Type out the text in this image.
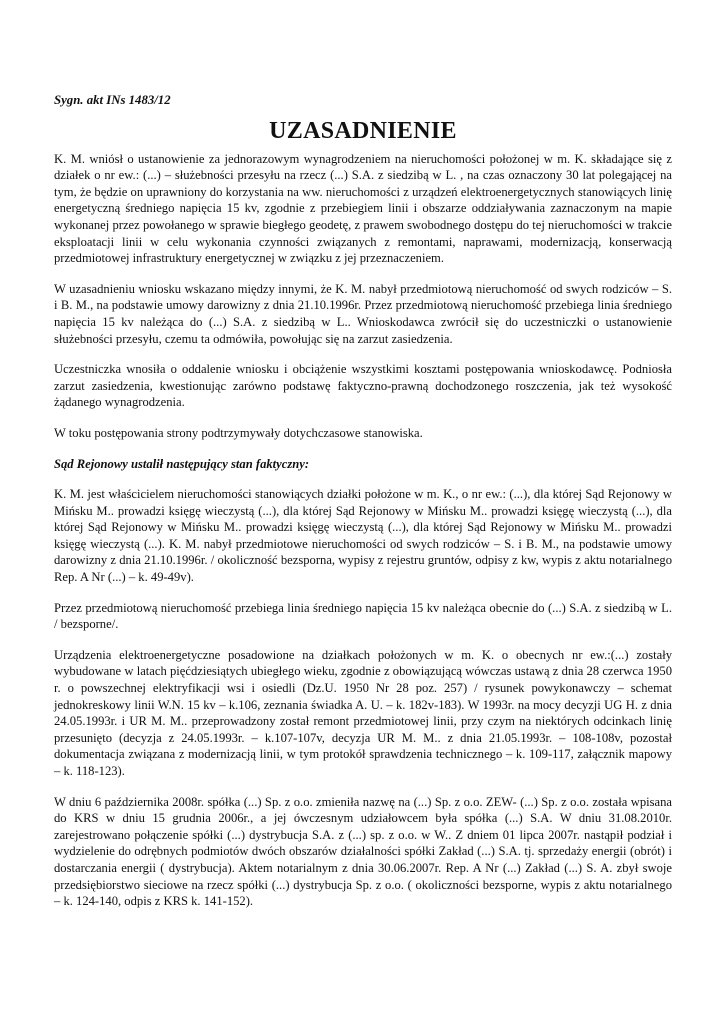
Sygn. akt INs 1483/12

UZASADNIENIE

K. M. wniósł o ustanowienie za jednorazowym wynagrodzeniem na nieruchomości położonej w m. K. składające się z działek o nr ew.: (...) – służebności przesyłu na rzecz (...) S.A. z siedzibą w L. , na czas oznaczony 30 lat polegającej na tym, że będzie on uprawniony do korzystania na ww. nieruchomości z urządzeń elektroenergetycznych stanowiących linię energetyczną średniego napięcia 15 kv, zgodnie z przebiegiem linii i obszarze oddziaływania zaznaczonym na mapie wykonanej przez powołanego w sprawie biegłego geodetę, z prawem swobodnego dostępu do tej nieruchomości w trakcie eksploatacji linii w celu wykonania czynności związanych z remontami, naprawami, modernizacją, konserwacją przedmiotowej infrastruktury energetycznej w związku z jej przeznaczeniem.

W uzasadnieniu wniosku wskazano między innymi, że K. M. nabył przedmiotową nieruchomość od swych rodziców – S. i B. M., na podstawie umowy darowizny z dnia 21.10.1996r. Przez przedmiotową nieruchomość przebiega linia średniego napięcia 15 kv należąca do (...) S.A. z siedzibą w L.. Wnioskodawca zwrócił się do uczestniczki o ustanowienie służebności przesyłu, czemu ta odmówiła, powołując się na zarzut zasiedzenia.

Uczestniczka wnosiła o oddalenie wniosku i obciążenie wszystkimi kosztami postępowania wnioskodawcę. Podniosła zarzut zasiedzenia, kwestionując zarówno podstawę faktyczno-prawną dochodzonego roszczenia, jak też wysokość żądanego wynagrodzenia.

W toku postępowania strony podtrzymywały dotychczasowe stanowiska.

Sąd Rejonowy ustalił następujący stan faktyczny:

K. M. jest właścicielem nieruchomości stanowiących działki położone w m. K., o nr ew.: (...), dla której Sąd Rejonowy w Mińsku M.. prowadzi księgę wieczystą (...), dla której Sąd Rejonowy w Mińsku M.. prowadzi księgę wieczystą (...), dla której Sąd Rejonowy w Mińsku M.. prowadzi księgę wieczystą (...), dla której Sąd Rejonowy w Mińsku M.. prowadzi księgę wieczystą (...). K. M. nabył przedmiotowe nieruchomości od swych rodziców – S. i B. M., na podstawie umowy darowizny z dnia 21.10.1996r. / okoliczność bezsporna, wypisy z rejestru gruntów, odpisy z kw, wypis z aktu notarialnego Rep. A Nr (...) – k. 49-49v).

Przez przedmiotową nieruchomość przebiega linia średniego napięcia 15 kv należąca obecnie do (...) S.A. z siedzibą w L. / bezsporne/.

Urządzenia elektroenergetyczne posadowione na działkach położonych w m. K. o obecnych nr ew.:(...) zostały wybudowane w latach pięćdziesiątych ubiegłego wieku, zgodnie z obowiązującą wówczas ustawą z dnia 28 czerwca 1950 r. o powszechnej elektryfikacji wsi i osiedli (Dz.U. 1950 Nr 28 poz. 257) / rysunek powykonawczy – schemat jednokreskowy linii W.N. 15 kv – k.106, zeznania świadka A. U. – k. 182v-183). W 1993r. na mocy decyzji UG H. z dnia 24.05.1993r. i UR M. M.. przeprowadzony został remont przedmiotowej linii, przy czym na niektórych odcinkach linię przesunięto (decyzja z 24.05.1993r. – k.107-107v, decyzja UR M. M.. z dnia 21.05.1993r. – 108-108v, pozostał dokumentacja związana z modernizacją linii, w tym protokół sprawdzenia technicznego – k. 109-117, załącznik mapowy – k. 118-123).

W dniu 6 października 2008r. spółka (...) Sp. z o.o. zmieniła nazwę na (...) Sp. z o.o. ZEW- (...) Sp. z o.o. została wpisana do KRS w dniu 15 grudnia 2006r., a jej ówczesnym udziałowcem była spółka (...) S.A. W dniu 31.08.2010r. zarejestrowano połączenie spółki (...) dystrybucja S.A. z (...) sp. z o.o. w W.. Z dniem 01 lipca 2007r. nastąpił podział i wydzielenie do odrębnych podmiotów dwóch obszarów działalności spółki Zakład (...) S.A. tj. sprzedaży energii (obrót) i dostarczania energii ( dystrybucja). Aktem notarialnym z dnia 30.06.2007r. Rep. A Nr (...) Zakład (...) S. A. zbył swoje przedsiębiorstwo sieciowe na rzecz spółki (...) dystrybucja Sp. z o.o. ( okoliczności bezsporne, wypis z aktu notarialnego – k. 124-140, odpis z KRS k. 141-152).
